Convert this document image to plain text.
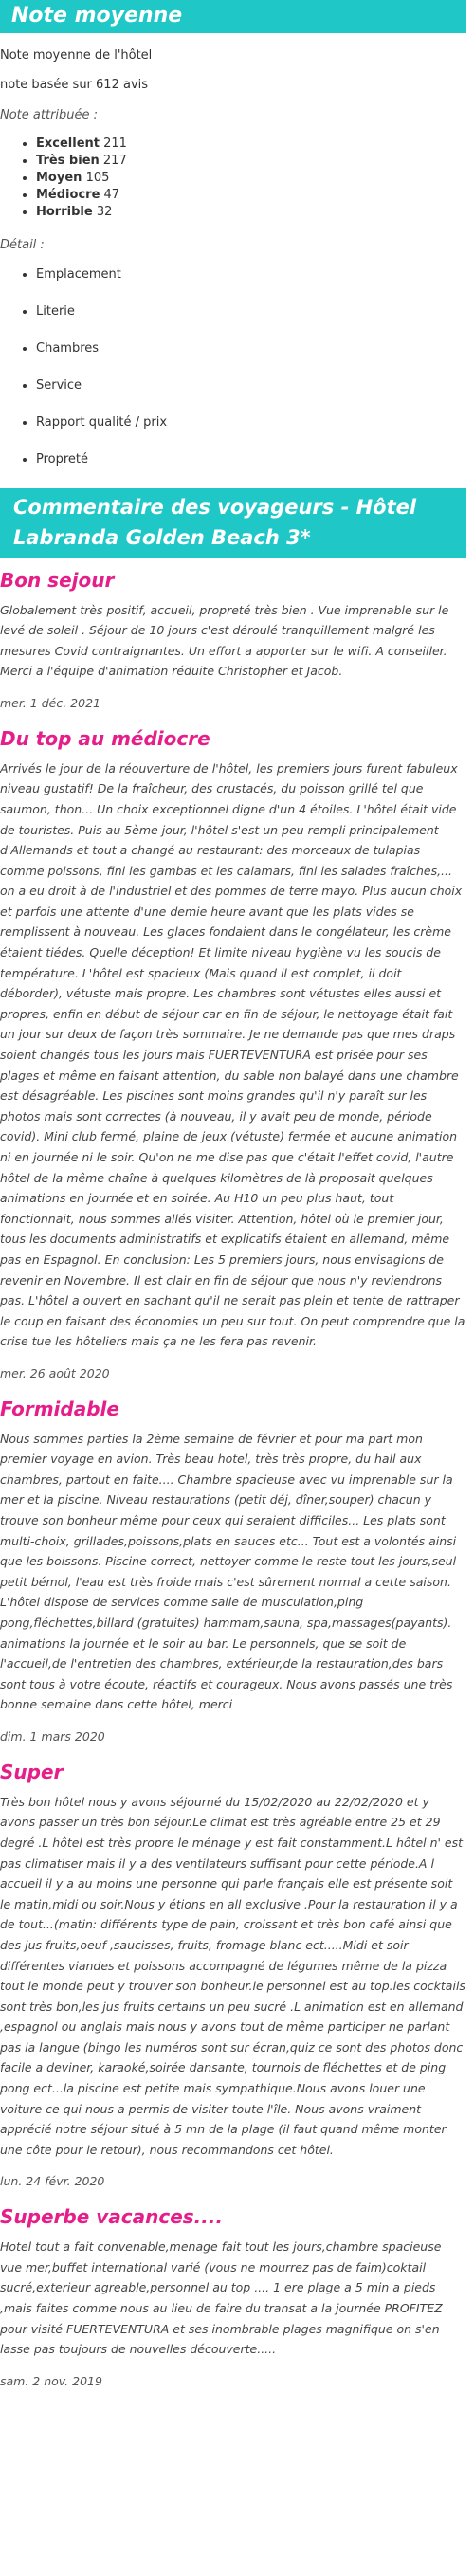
Note moyenne

Note moyenne de l'hôtel

note basée sur 612 avis

Note attribuée :

• Excellent 211
• Très bien 217
• Moyen 105
• Médiocre 47
• Horrible 32

Détail :

• Emplacement
• Literie
• Chambres
• Service
• Rapport qualité / prix
• Propreté
Commentaire des voyageurs - Hôtel Labranda Golden Beach 3*
Bon sejour

Globalement très positif, accueil, propreté très bien . Vue imprenable sur le levé de soleil . Séjour de 10 jours c'est déroulé tranquillement malgré les mesures Covid contraignantes. Un effort a apporter sur le wifi. A conseiller. Merci a l'équipe d'animation réduite Christopher et Jacob.

mer. 1 déc. 2021
Du top au médiocre

Arrivés le jour de la réouverture de l'hôtel, les premiers jours furent fabuleux niveau gustatif! De la fraîcheur, des crustacés, du poisson grillé tel que saumon, thon... Un choix exceptionnel digne d'un 4 étoiles. L'hôtel était vide de touristes. Puis au 5ème jour, l'hôtel s'est un peu rempli principalement d'Allemands et tout a changé au restaurant: des morceaux de tulapias comme poissons, fini les gambas et les calamars, fini les salades fraîches,... on a eu droit à de l'industriel et des pommes de terre mayo. Plus aucun choix et parfois une attente d'une demie heure avant que les plats vides se remplissent à nouveau. Les glaces fondaient dans le congélateur, les crème étaient tiédes. Quelle déception! Et limite niveau hygiène vu les soucis de température. L'hôtel est spacieux (Mais quand il est complet, il doit déborder), vétuste mais propre. Les chambres sont vétustes elles aussi et propres, enfin en début de séjour car en fin de séjour, le nettoyage était fait un jour sur deux de façon très sommaire. Je ne demande pas que mes draps soient changés tous les jours mais FUERTEVENTURA est prisée pour ses plages et même en faisant attention, du sable non balayé dans une chambre est désagréable. Les piscines sont moins grandes qu'il n'y paraît sur les photos mais sont correctes (à nouveau, il y avait peu de monde, période covid). Mini club fermé, plaine de jeux (vétuste) fermée et aucune animation ni en journée ni le soir. Qu'on ne me dise pas que c'était l'effet covid, l'autre hôtel de la même chaîne à quelques kilomètres de là proposait quelques animations en journée et en soirée. Au H10 un peu plus haut, tout fonctionnait, nous sommes allés visiter. Attention, hôtel où le premier jour, tous les documents administratifs et explicatifs étaient en allemand, même pas en Espagnol. En conclusion: Les 5 premiers jours, nous envisagions de revenir en Novembre. Il est clair en fin de séjour que nous n'y reviendrons pas. L'hôtel a ouvert en sachant qu'il ne serait pas plein et tente de rattraper le coup en faisant des économies un peu sur tout. On peut comprendre que la crise tue les hôteliers mais ça ne les fera pas revenir.

mer. 26 août 2020
Formidable

Nous sommes parties la 2ème semaine de février et pour ma part mon premier voyage en avion. Très beau hotel, très très propre, du hall aux chambres, partout en faite.... Chambre spacieuse avec vu imprenable sur la mer et la piscine. Niveau restaurations (petit déj, dîner,souper) chacun y trouve son bonheur même pour ceux qui seraient difficiles... Les plats sont multi-choix, grillades,poissons,plats en sauces etc... Tout est a volontés ainsi que les boissons. Piscine correct, nettoyer comme le reste tout les jours,seul petit bémol, l'eau est très froide mais c'est sûrement normal a cette saison. L'hôtel dispose de services comme salle de musculation,ping pong,fléchettes,billard (gratuites) hammam,sauna, spa,massages(payants). animations la journée et le soir au bar. Le personnels, que se soit de l'accueil,de l'entretien des chambres, extérieur,de la restauration,des bars sont tous à votre écoute, réactifs et courageux. Nous avons passés une très bonne semaine dans cette hôtel, merci

dim. 1 mars 2020
Super

Très bon hôtel nous y avons séjourné du 15/02/2020 au 22/02/2020 et y avons passer un très bon séjour.Le climat est très agréable entre 25 et 29 degré .L hôtel est très propre le ménage y est fait constamment.L hôtel n' est pas climatiser mais il y a des ventilateurs suffisant pour cette période.A l accueil il y a au moins une personne qui parle français elle est présente soit le matin,midi ou soir.Nous y étions en all exclusive .Pour la restauration il y a de tout...(matin: différents type de pain, croissant et très bon café ainsi que des jus fruits,oeuf ,saucisses, fruits, fromage blanc ect.....Midi et soir différentes viandes et poissons accompagné de légumes même de la pizza tout le monde peut y trouver son bonheur.le personnel est au top.les cocktails sont très bon,les jus fruits certains un peu sucré .L animation est en allemand ,espagnol ou anglais mais nous y avons tout de même participer ne parlant pas la langue (bingo les numéros sont sur écran,quiz ce sont des photos donc facile a deviner, karaoké,soirée dansante, tournois de fléchettes et de ping pong ect...la piscine est petite mais sympathique.Nous avons louer une voiture ce qui nous a permis de visiter toute l'île. Nous avons vraiment apprécié notre séjour situé à 5 mn de la plage (il faut quand même monter une côte pour le retour), nous recommandons cet hôtel.

lun. 24 févr. 2020
Superbe vacances....

Hotel tout a fait convenable,menage fait tout les jours,chambre spacieuse vue mer,buffet international varié (vous ne mourrez pas de faim)coktail sucré,exterieur agreable,personnel au top .... 1 ere plage a 5 min a pieds ,mais faites comme nous au lieu de faire du transat a la journée PROFITEZ pour visité FUERTEVENTURA et ses inombrable plages magnifique on s'en lasse pas toujours de nouvelles découverte.....

sam. 2 nov. 2019
